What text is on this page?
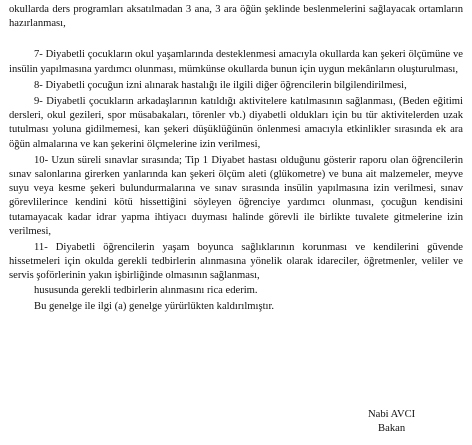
okullarda ders programları aksatılmadan 3 ana, 3 ara öğün şeklinde beslenmelerini sağlayacak ortamların hazırlanması,

7- Diyabetli çocukların okul yaşamlarında desteklenmesi amacıyla okullarda kan şekeri ölçümüne ve insülin yapılmasına yardımcı olunması, mümkünse okullarda bunun için uygun mekânların oluşturulması,

8- Diyabetli çocuğun izni alınarak hastalığı ile ilgili diğer öğrencilerin bilgilendirilmesi,

9- Diyabetli çocukların arkadaşlarının katıldığı aktivitelere katılmasının sağlanması, (Beden eğitimi dersleri, okul gezileri, spor müsabakaları, törenler vb.) diyabetli oldukları için bu tür aktivitelerden uzak tutulması yoluna gidilmemesi, kan şekeri düşüklüğünün önlenmesi amacıyla etkinlikler sırasında ek ara öğün almalarına ve kan şekerini ölçmelerine izin verilmesi,

10- Uzun süreli sınavlar sırasında; Tip 1 Diyabet hastası olduğunu gösterir raporu olan öğrencilerin sınav salonlarına girerken yanlarında kan şekeri ölçüm aleti (glükometre) ve buna ait malzemeler, meyve suyu veya kesme şekeri bulundurmalarına ve sınav sırasında insülin yapılmasına izin verilmesi, sınav görevlilerince kendini kötü hissettiğini söyleyen öğrenciye yardımcı olunması, çocuğun kendisini tutamayacak kadar idrar yapma ihtiyacı duyması halinde görevli ile birlikte tuvalete gitmelerine izin verilmesi,

11- Diyabetli öğrencilerin yaşam boyunca sağlıklarının korunması ve kendilerini güvende hissetmeleri için okulda gerekli tedbirlerin alınmasına yönelik olarak idareciler, öğretmenler, veliler ve servis şoförlerinin yakın işbirliğinde olmasının sağlanması,

hususunda gerekli tedbirlerin alınmasını rica ederim.

Bu genelge ile ilgi (a) genelge yürürlükten kaldırılmıştır.

Nabi AVCI
Bakan
